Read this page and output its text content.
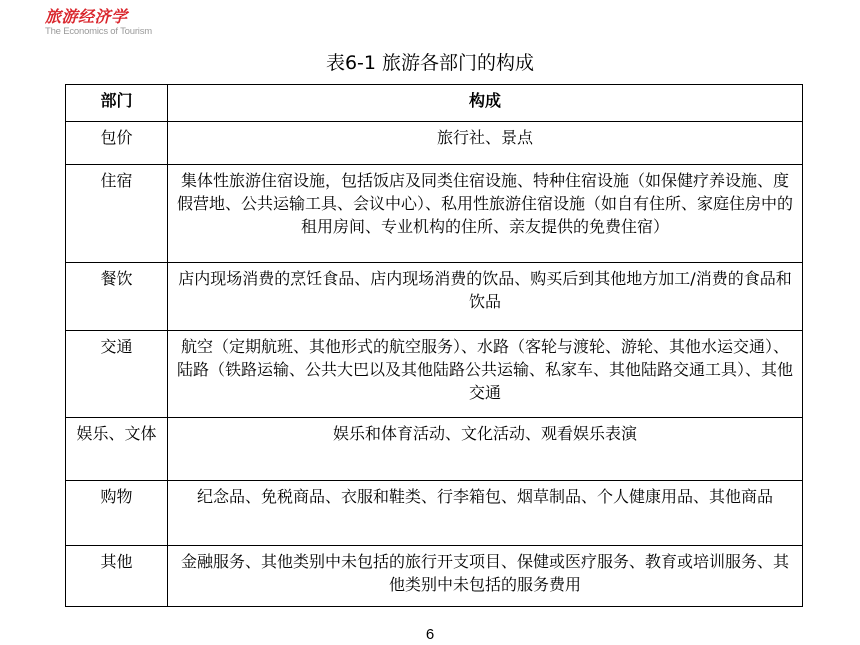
旅游经济学
The Economics of Tourism
表6-1 旅游各部门的构成
部门	构成
包价	旅行社、景点
住宿	集体性旅游住宿设施，包括饭店及同类住宿设施、特种住宿设施（如保健疗养设施、度假营地、公共运输工具、会议中心）、私用性旅游住宿设施（如自有住所、家庭住房中的租用房间、专业机构的住所、亲友提供的免费住宿）
餐饮	店内现场消费的烹饪食品、店内现场消费的饮品、购买后到其他地方加工/消费的食品和饮品
交通	航空（定期航班、其他形式的航空服务）、水路（客轮与渡轮、游轮、其他水运交通）、陆路（铁路运输、公共大巴以及其他陆路公共运输、私家车、其他陆路交通工具）、其他交通
娱乐、文体	娱乐和体育活动、文化活动、观看娱乐表演
购物	纪念品、免税商品、衣服和鞋类、行李箱包、烟草制品、个人健康用品、其他商品
其他	金融服务、其他类别中未包括的旅行开支项目、保健或医疗服务、教育或培训服务、其他类别中未包括的服务费用
6
